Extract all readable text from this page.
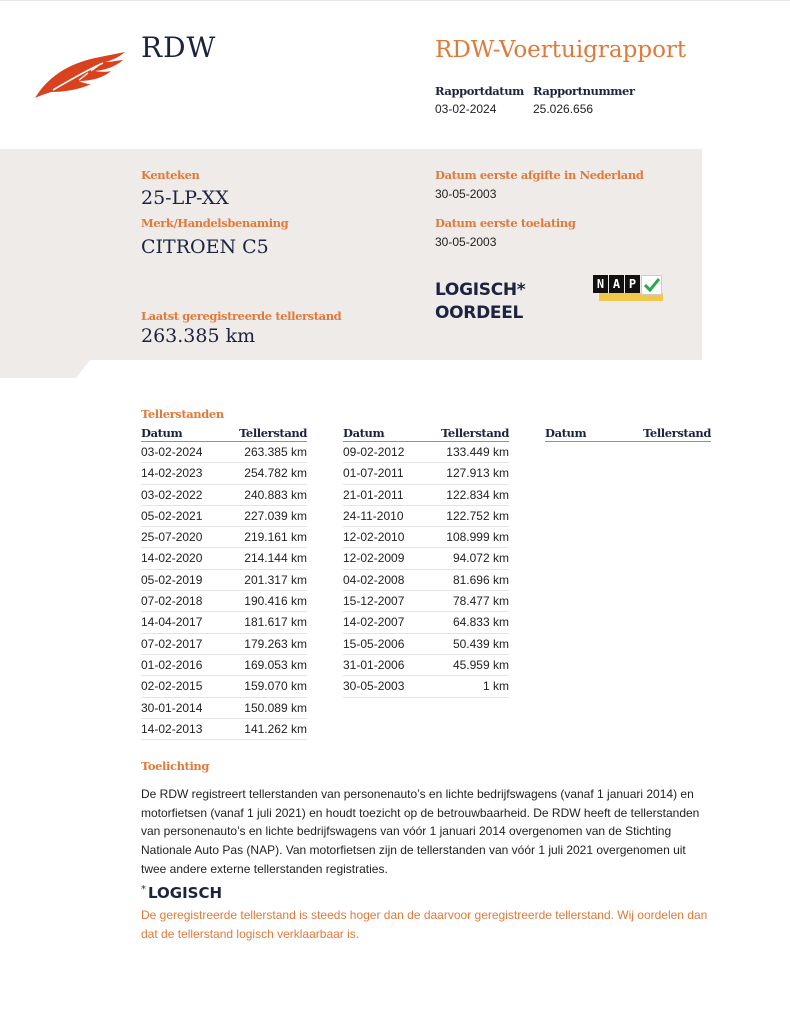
RDW	RDW-Voertuigrapport
Rapportdatum
03-02-2024
Rapportnummer
25.026.656
Kenteken
25-LP-XX
Merk/Handelsbenaming
CITROEN C5
Laatst geregistreerde tellerstand
263.385 km
Datum eerste afgifte in Nederland
30-05-2003
Datum eerste toelating
30-05-2003
LOGISCH*
OORDEEL
N A P
Tellerstanden
Datum	Tellerstand
03-02-2024	263.385 km
14-02-2023	254.782 km
03-02-2022	240.883 km
05-02-2021	227.039 km
25-07-2020	219.161 km
14-02-2020	214.144 km
05-02-2019	201.317 km
07-02-2018	190.416 km
14-04-2017	181.617 km
07-02-2017	179.263 km
01-02-2016	169.053 km
02-02-2015	159.070 km
30-01-2014	150.089 km
14-02-2013	141.262 km
Datum	Tellerstand
09-02-2012	133.449 km
01-07-2011	127.913 km
21-01-2011	122.834 km
24-11-2010	122.752 km
12-02-2010	108.999 km
12-02-2009	94.072 km
04-02-2008	81.696 km
15-12-2007	78.477 km
14-02-2007	64.833 km
15-05-2006	50.439 km
31-01-2006	45.959 km
30-05-2003	1 km
Datum	Tellerstand
Toelichting
De RDW registreert tellerstanden van personenauto’s en lichte bedrijfswagens (vanaf 1 januari 2014) en motorfietsen (vanaf 1 juli 2021) en houdt toezicht op de betrouwbaarheid. De RDW heeft de tellerstanden van personenauto’s en lichte bedrijfswagens van vóór 1 januari 2014 overgenomen van de Stichting Nationale Auto Pas (NAP). Van motorfietsen zijn de tellerstanden van vóór 1 juli 2021 overgenomen uit twee andere externe tellerstanden registraties.
* LOGISCH
De geregistreerde tellerstand is steeds hoger dan de daarvoor geregistreerde tellerstand. Wij oordelen dan dat de tellerstand logisch verklaarbaar is.
